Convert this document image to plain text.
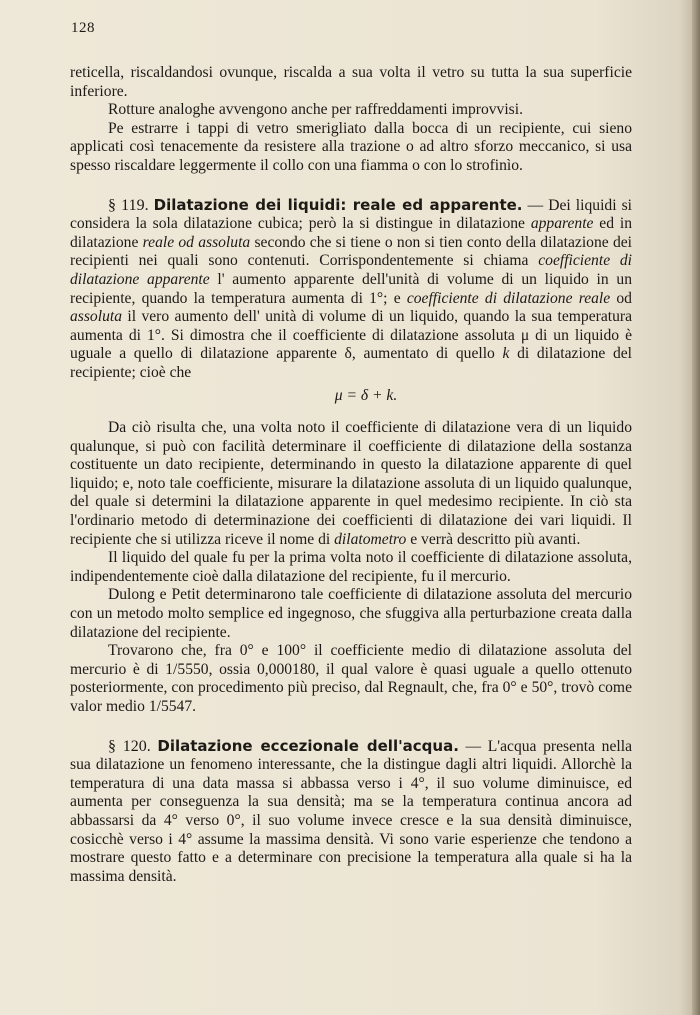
128

reticella, riscaldandosi ovunque, riscalda a sua volta il vetro su tutta la sua superficie inferiore.

Rotture analoghe avvengono anche per raffreddamenti improvvisi.

Pe estrarre i tappi di vetro smerigliato dalla bocca di un recipiente, cui sieno applicati così tenacemente da resistere alla trazione o ad altro sforzo meccanico, si usa spesso riscaldare leggermente il collo con una fiamma o con lo strofinìo.

§ 119. Dilatazione dei liquidi: reale ed apparente. — Dei liquidi si considera la sola dilatazione cubica; però la si distingue in dilatazione apparente ed in dilatazione reale od assoluta secondo che si tiene o non si tien conto della dilatazione dei recipienti nei quali sono contenuti. Corrispondentemente si chiama coefficiente di dilatazione apparente l' aumento apparente dell'unità di volume di un liquido in un recipiente, quando la temperatura aumenta di 1°; e coefficiente di dilatazione reale od assoluta il vero aumento dell' unità di volume di un liquido, quando la sua temperatura aumenta di 1°. Si dimostra che il coefficiente di dilatazione assoluta μ di un liquido è uguale a quello di dilatazione apparente δ, aumentato di quello k di dilatazione del recipiente; cioè che

μ = δ + k.

Da ciò risulta che, una volta noto il coefficiente di dilatazione vera di un liquido qualunque, si può con facilità determinare il coefficiente di dilatazione della sostanza costituente un dato recipiente, determinando in questo la dilatazione apparente di quel liquido; e, noto tale coefficiente, misurare la dilatazione assoluta di un liquido qualunque, del quale si determini la dilatazione apparente in quel medesimo recipiente. In ciò sta l'ordinario metodo di determinazione dei coefficienti di dilatazione dei vari liquidi. Il recipiente che si utilizza riceve il nome di dilatometro e verrà descritto più avanti.

Il liquido del quale fu per la prima volta noto il coefficiente di dilatazione assoluta, indipendentemente cioè dalla dilatazione del recipiente, fu il mercurio.

Dulong e Petit determinarono tale coefficiente di dilatazione assoluta del mercurio con un metodo molto semplice ed ingegnoso, che sfuggiva alla perturbazione creata dalla dilatazione del recipiente.

Trovarono che, fra 0° e 100° il coefficiente medio di dilatazione assoluta del mercurio è di 1/5550, ossia 0,000180, il qual valore è quasi uguale a quello ottenuto posteriormente, con procedimento più preciso, dal Regnault, che, fra 0° e 50°, trovò come valor medio 1/5547.

§ 120. Dilatazione eccezionale dell'acqua. — L'acqua presenta nella sua dilatazione un fenomeno interessante, che la distingue dagli altri liquidi. Allorchè la temperatura di una data massa si abbassa verso i 4°, il suo volume diminuisce, ed aumenta per conseguenza la sua densità; ma se la temperatura continua ancora ad abbassarsi da 4° verso 0°, il suo volume invece cresce e la sua densità diminuisce, cosicchè verso i 4° assume la massima densità. Vi sono varie esperienze che tendono a mostrare questo fatto e a determinare con precisione la temperatura alla quale si ha la massima densità.
